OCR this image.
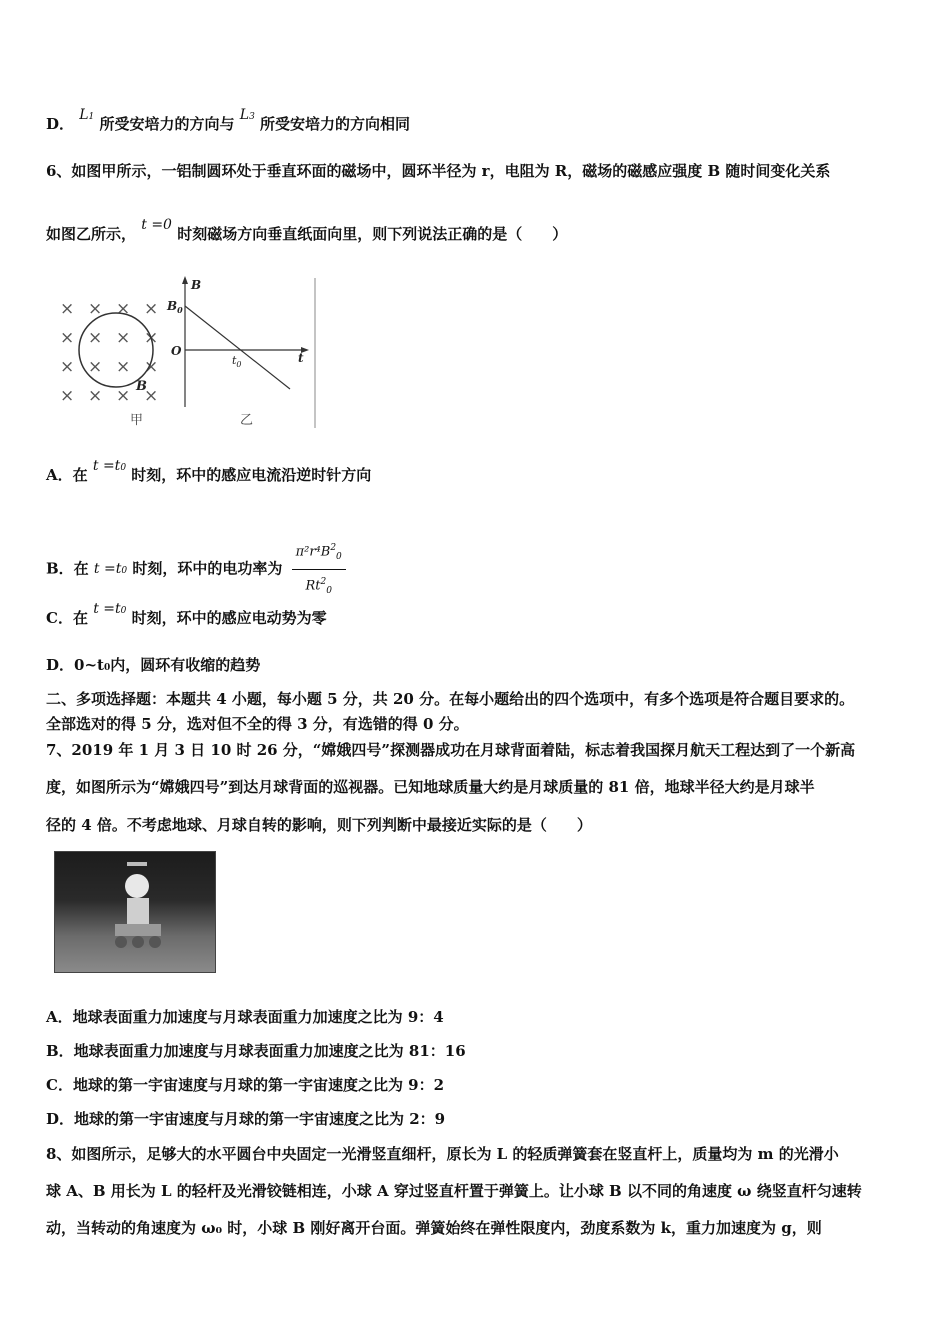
D． L1 所受安培力的方向与 L3 所受安培力的方向相同
6、如图甲所示，一铝制圆环处于垂直环面的磁场中，圆环半径为 r，电阻为 R，磁场的磁感应强度 B 随时间变化关系
如图乙所示， t =0 时刻磁场方向垂直纸面向里，则下列说法正确的是（　　）
× × × ×
× × × ×
× × × ×
× × × ×
B
甲
B
$B_0$
O
$t_0$	t
乙
A．在 t =t0 时刻，环中的感应电流沿逆时针方向
B．在 t =t0 时刻，环中的电功率为 $\frac{\pi^2r^4B^2_0}{Rt^2_0}$
C．在 t =t0 时刻，环中的感应电动势为零
D．0~t0内，圆环有收缩的趋势
二、多项选择题：本题共 4 小题，每小题 5 分，共 20 分。在每小题给出的四个选项中，有多个选项是符合题目要求的。
全部选对的得 5 分，选对但不全的得 3 分，有选错的得 0 分。
7、2019 年 1 月 3 日 10 时 26 分，“嫦娥四号”探测器成功在月球背面着陆，标志着我国探月航天工程达到了一个新高
度，如图所示为“嫦娥四号”到达月球背面的巡视器。已知地球质量大约是月球质量的 81 倍，地球半径大约是月球半
径的 4 倍。不考虑地球、月球自转的影响，则下列判断中最接近实际的是（　　）
A．地球表面重力加速度与月球表面重力加速度之比为 9：4
B．地球表面重力加速度与月球表面重力加速度之比为 81：16
C．地球的第一宇宙速度与月球的第一宇宙速度之比为 9：2
D．地球的第一宇宙速度与月球的第一宇宙速度之比为 2：9
8、如图所示，足够大的水平圆台中央固定一光滑竖直细杆，原长为 L 的轻质弹簧套在竖直杆上，质量均为 m 的光滑小
球 A、B 用长为 L 的轻杆及光滑铰链相连，小球 A 穿过竖直杆置于弹簧上。让小球 B 以不同的角速度 ω 绕竖直杆匀速转
动，当转动的角速度为 ω₀ 时，小球 B 刚好离开台面。弹簧始终在弹性限度内，劲度系数为 k，重力加速度为 g，则
